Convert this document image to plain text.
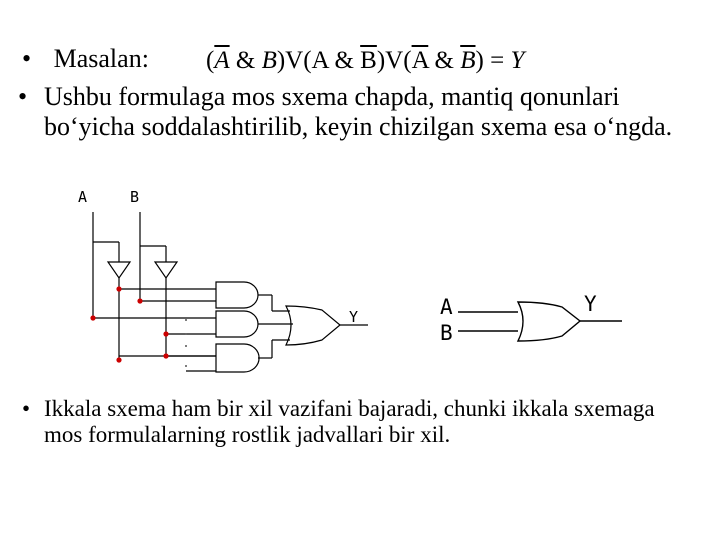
• Masalan: ($\overline{A}$ & B)V(A & $\overline{B})V(\overline{A}$ & $\overline{B}) = Y$
• Ushbu formulaga mos sxema chapda, mantiq qonunlari bo‘yicha soddalashtirilib, keyin chizilgan sxema esa o‘ngda.
A	B
Y	A
B
Y
• Ikkala sxema ham bir xil vazifani bajaradi, chunki ikkala sxemaga mos formulalarning rostlik jadvallari bir xil.
